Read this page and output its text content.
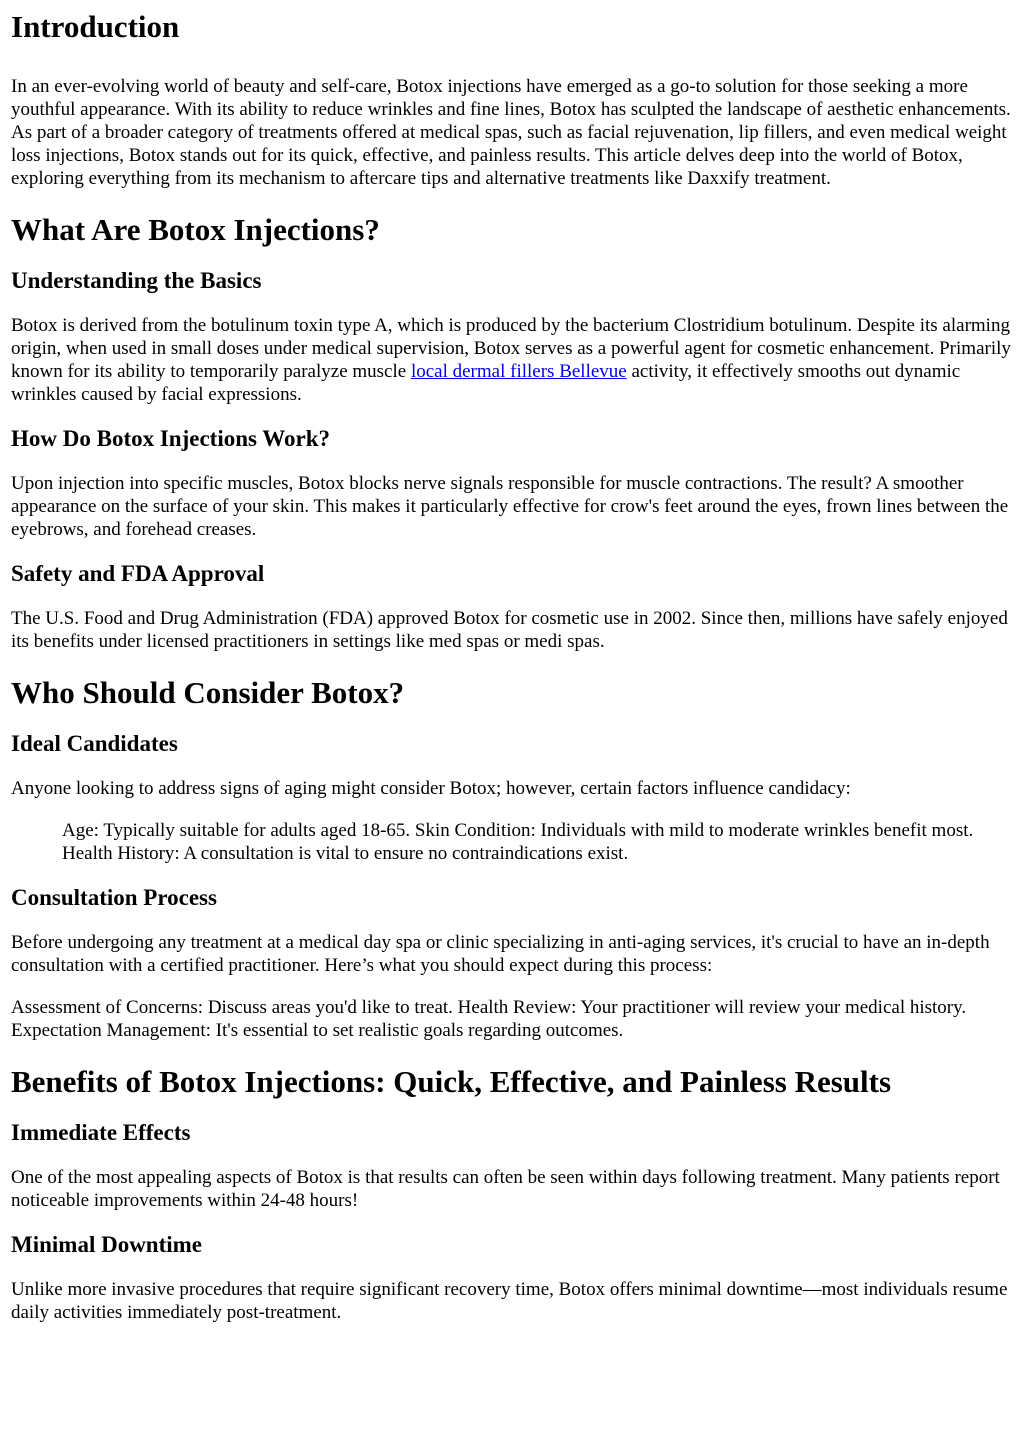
Introduction

In an ever-evolving world of beauty and self-care, Botox injections have emerged as a go-to solution for those seeking a more youthful appearance. With its ability to reduce wrinkles and fine lines, Botox has sculpted the landscape of aesthetic enhancements. As part of a broader category of treatments offered at medical spas, such as facial rejuvenation, lip fillers, and even medical weight loss injections, Botox stands out for its quick, effective, and painless results. This article delves deep into the world of Botox, exploring everything from its mechanism to aftercare tips and alternative treatments like Daxxify treatment.

What Are Botox Injections?
Understanding the Basics

Botox is derived from the botulinum toxin type A, which is produced by the bacterium Clostridium botulinum. Despite its alarming origin, when used in small doses under medical supervision, Botox serves as a powerful agent for cosmetic enhancement. Primarily known for its ability to temporarily paralyze muscle local dermal fillers Bellevue activity, it effectively smooths out dynamic wrinkles caused by facial expressions.

How Do Botox Injections Work?

Upon injection into specific muscles, Botox blocks nerve signals responsible for muscle contractions. The result? A smoother appearance on the surface of your skin. This makes it particularly effective for crow's feet around the eyes, frown lines between the eyebrows, and forehead creases.

Safety and FDA Approval

The U.S. Food and Drug Administration (FDA) approved Botox for cosmetic use in 2002. Since then, millions have safely enjoyed its benefits under licensed practitioners in settings like med spas or medi spas.

Who Should Consider Botox?
Ideal Candidates

Anyone looking to address signs of aging might consider Botox; however, certain factors influence candidacy:

Age: Typically suitable for adults aged 18-65. Skin Condition: Individuals with mild to moderate wrinkles benefit most. Health History: A consultation is vital to ensure no contraindications exist.
Consultation Process

Before undergoing any treatment at a medical day spa or clinic specializing in anti-aging services, it's crucial to have an in-depth consultation with a certified practitioner. Here’s what you should expect during this process:

Assessment of Concerns: Discuss areas you'd like to treat. Health Review: Your practitioner will review your medical history. Expectation Management: It's essential to set realistic goals regarding outcomes.

Benefits of Botox Injections: Quick, Effective, and Painless Results
Immediate Effects

One of the most appealing aspects of Botox is that results can often be seen within days following treatment. Many patients report noticeable improvements within 24-48 hours!

Minimal Downtime

Unlike more invasive procedures that require significant recovery time, Botox offers minimal downtime—most individuals resume daily activities immediately post-treatment.
